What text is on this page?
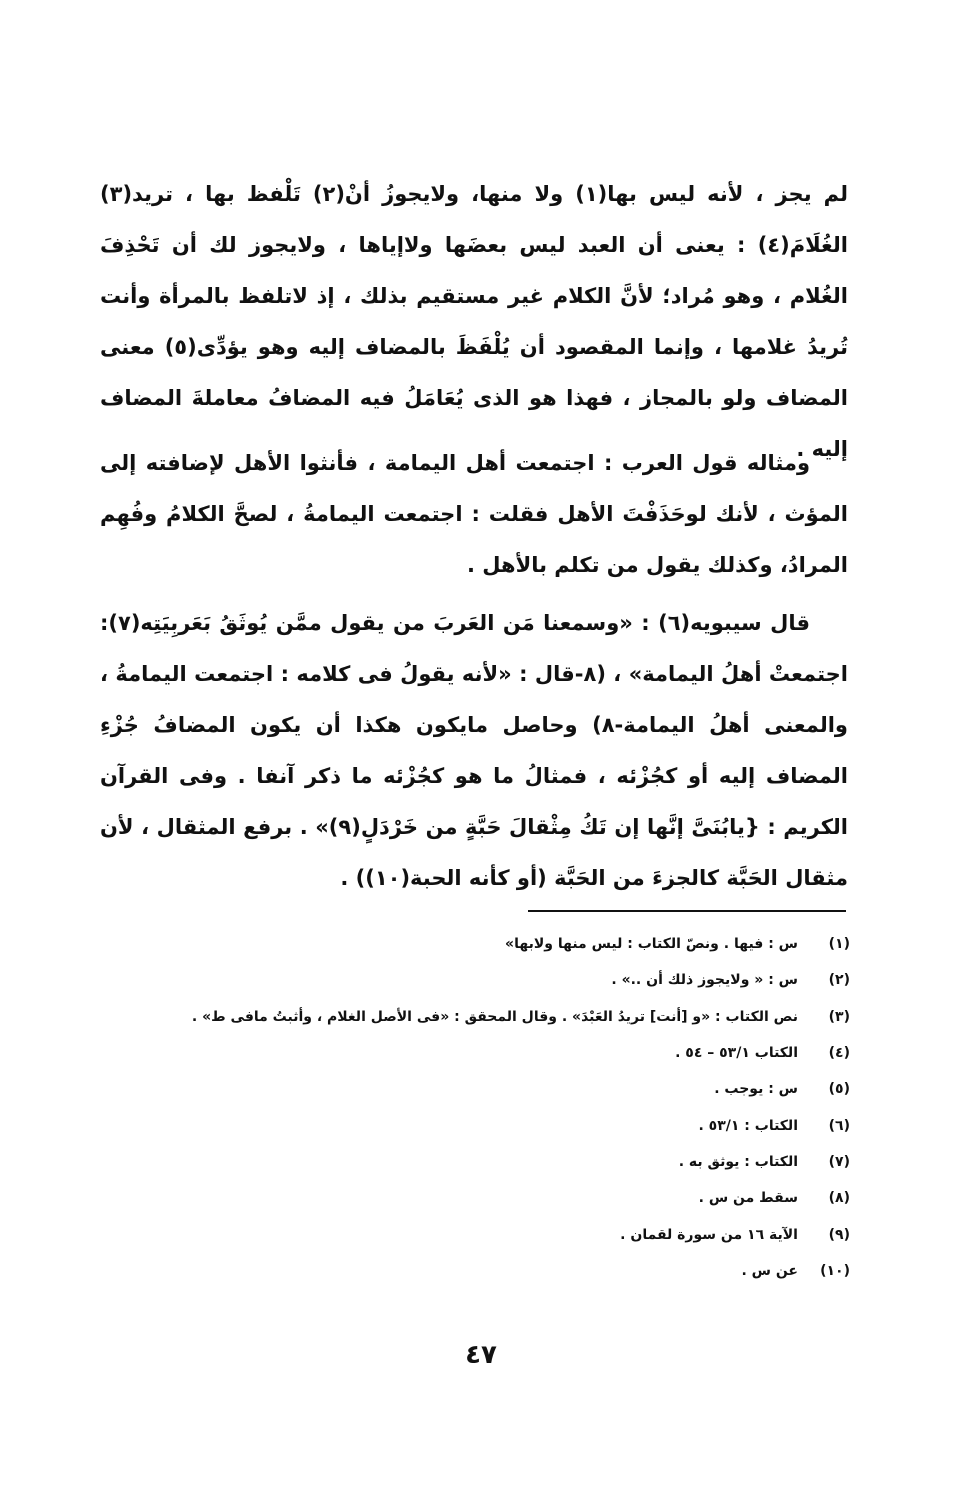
لم يجز ، لأنه ليس بها(١) ولا منها، ولايجوزُ أنْ(٢) تَلْفظ بها ، تريد(٣) الغُلَامَ(٤) : يعنى أن العبد ليس بعضَها ولاإياها ، ولايجوز لك أن تَحْذِفَ الغُلام ، وهو مُراد؛ لأنَّ الكلام غير مستقيم بذلك ، إذ لاتلفظ بالمرأة وأنت تُريدُ غلامها ، وإنما المقصود أن يُلْفَظَ بالمضاف إليه وهو يؤدِّى(٥) معنى المضاف ولو بالمجاز ، فهذا هو الذى يُعَامَلُ فيه المضافُ معاملةَ المضاف إليه .

ومثاله قول العرب : اجتمعت أهل اليمامة ، فأنثوا الأهل لإضافته إلى المؤث ، لأنك لوحَذَفْتَ الأهل فقلت : اجتمعت اليمامةُ ، لصحَّ الكلامُ وفُهِم المرادُ، وكذلك يقول من تكلم بالأهل .

قال سيبويه(٦) : «وسمعنا مَن العَربَ من يقول ممَّن يُوثَقُ بَعَربِيَتِه(٧): اجتمعتْ أهلُ اليمامة» ، (٨-قال : «لأنه يقولُ فى كلامه : اجتمعت اليمامةُ ، والمعنى أهلُ اليمامة-٨) وحاصل مايكون هكذا أن يكون المضافُ جُزْءِ المضاف إليه أو كجُزْئه ، فمثالُ ما هو كجُزْئه ما ذكر آنفا . وفى القرآن الكريم : {يابُنَىَّ إنَّها إن تَكُ مِثْقالَ حَبَّةٍ من خَرْدَلٍ(٩)» . برفع المثقال ، لأن مثقال الحَبَّة كالجزءَ من الحَبَّة (أو كأنه الحبة(١٠)) .

(١)
س : فيها . ونصّ الكتاب : ليس منها ولابها»
(٢)
س : « ولايجوز ذلك أن ..» .
(٣)
نص الكتاب : «و [أنت] تريدُ العَبْدَ» . وقال المحقق : «فى الأصل الغلام ، وأثبتُ مافى ط» .
(٤)
الكتاب ٥٣/١ – ٥٤ .
(٥)
س : يوجب .
(٦)
الكتاب : ٥٣/١ .
(٧)
الكتاب : يوثق به .
(٨)
سقط من س .
(٩)
الآية ١٦ من سورة لقمان .
(١٠)
عن س .
٤٧
